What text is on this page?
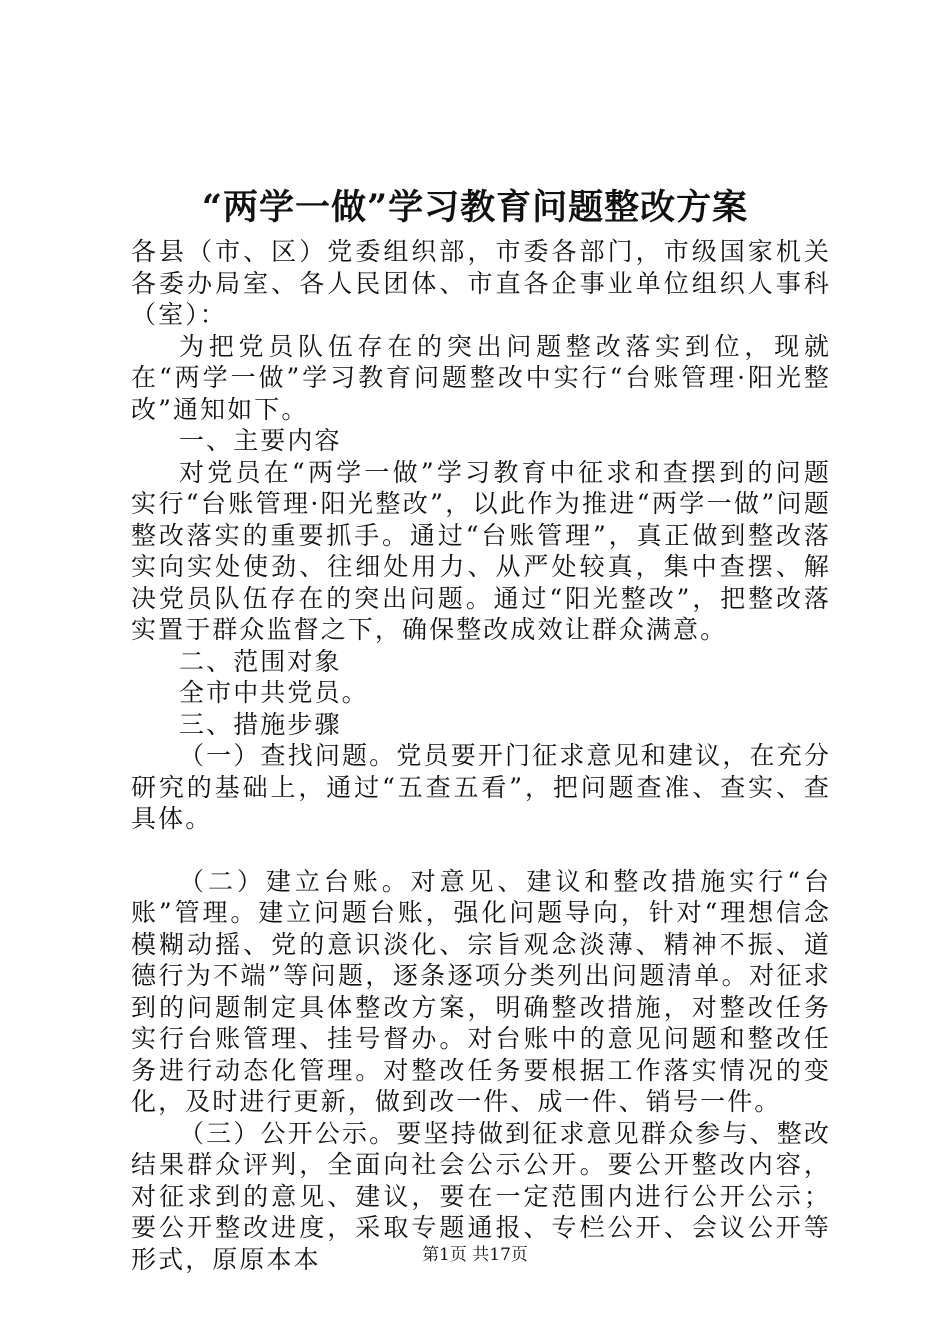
“两学一做”学习教育问题整改方案

各县（市、区）党委组织部，市委各部门，市级国家机关各委办局室、各人民团体、市直各企事业单位组织人事科（室）：

为把党员队伍存在的突出问题整改落实到位，现就在“两学一做”学习教育问题整改中实行“台账管理·阳光整改”通知如下。

一、主要内容

对党员在“两学一做”学习教育中征求和查摆到的问题实行“台账管理·阳光整改”，以此作为推进“两学一做”问题整改落实的重要抓手。通过“台账管理”，真正做到整改落实向实处使劲、往细处用力、从严处较真，集中查摆、解决党员队伍存在的突出问题。通过“阳光整改”，把整改落实置于群众监督之下，确保整改成效让群众满意。

二、范围对象

全市中共党员。

三、措施步骤

（一）查找问题。党员要开门征求意见和建议，在充分研究的基础上，通过“五查五看”，把问题查准、查实、查具体。

（二）建立台账。对意见、建议和整改措施实行“台账”管理。建立问题台账，强化问题导向，针对“理想信念模糊动摇、党的意识淡化、宗旨观念淡薄、精神不振、道德行为不端”等问题，逐条逐项分类列出问题清单。对征求到的问题制定具体整改方案，明确整改措施，对整改任务实行台账管理、挂号督办。对台账中的意见问题和整改任务进行动态化管理。对整改任务要根据工作落实情况的变化，及时进行更新，做到改一件、成一件、销号一件。

（三）公开公示。要坚持做到征求意见群众参与、整改结果群众评判，全面向社会公示公开。要公开整改内容，对征求到的意见、建议，要在一定范围内进行公开公示；要公开整改进度，采取专题通报、专栏公开、会议公开等形式，原原本本	第1页 共17页
